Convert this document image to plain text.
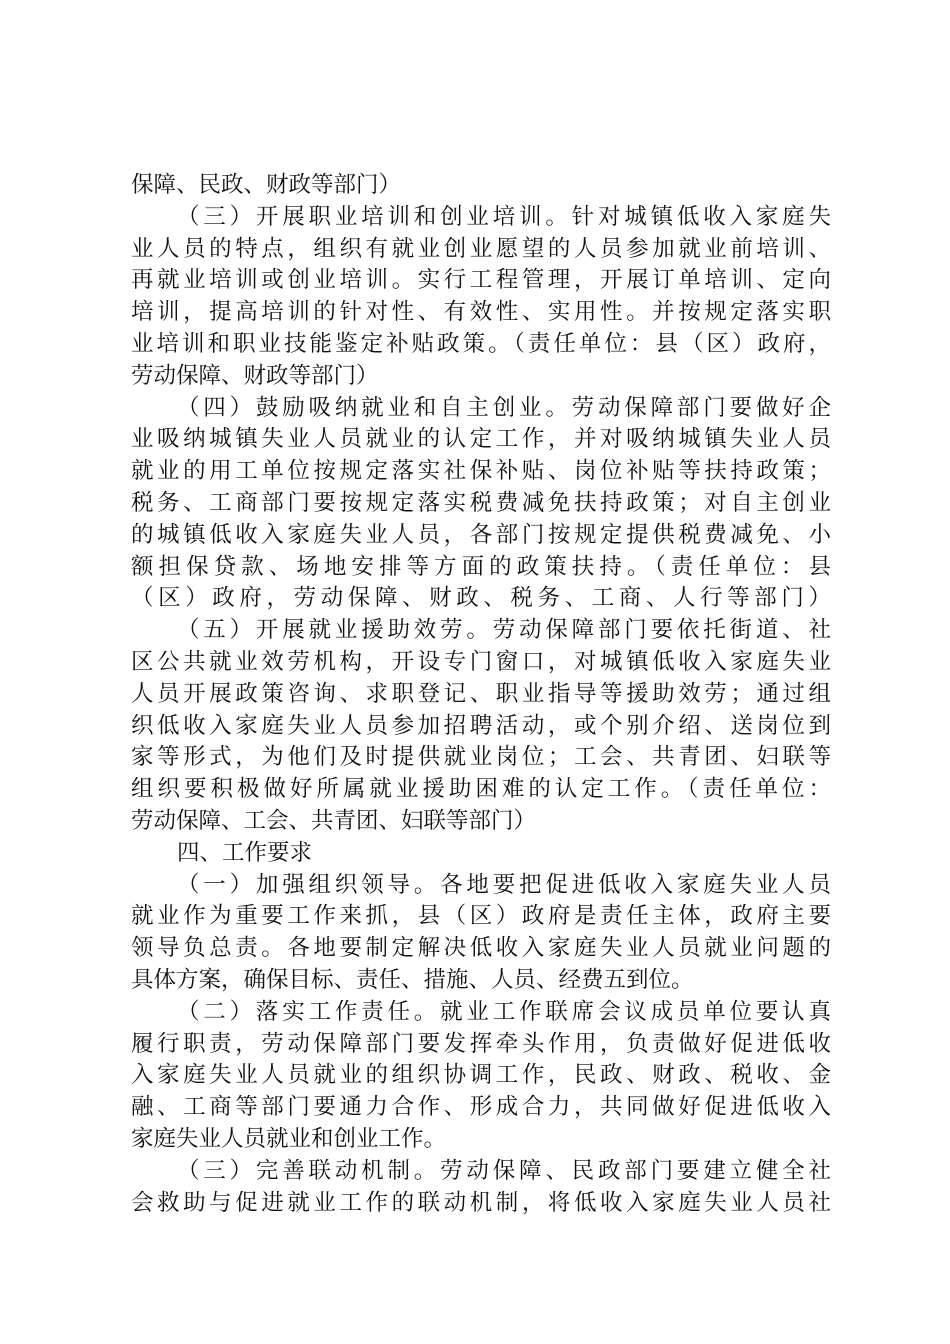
保障、民政、财政等部门）
（三）开展职业培训和创业培训。针对城镇低收入家庭失
业人员的特点，组织有就业创业愿望的人员参加就业前培训、
再就业培训或创业培训。实行工程管理，开展订单培训、定向
培训，提高培训的针对性、有效性、实用性。并按规定落实职
业培训和职业技能鉴定补贴政策。（责任单位：县（区）政府，
劳动保障、财政等部门）
（四）鼓励吸纳就业和自主创业。劳动保障部门要做好企
业吸纳城镇失业人员就业的认定工作，并对吸纳城镇失业人员
就业的用工单位按规定落实社保补贴、岗位补贴等扶持政策；
税务、工商部门要按规定落实税费减免扶持政策；对自主创业
的城镇低收入家庭失业人员，各部门按规定提供税费减免、小
额担保贷款、场地安排等方面的政策扶持。（责任单位：县
（区）政府，劳动保障、财政、税务、工商、人行等部门）
（五）开展就业援助效劳。劳动保障部门要依托街道、社
区公共就业效劳机构，开设专门窗口，对城镇低收入家庭失业
人员开展政策咨询、求职登记、职业指导等援助效劳；通过组
织低收入家庭失业人员参加招聘活动，或个别介绍、送岗位到
家等形式，为他们及时提供就业岗位；工会、共青团、妇联等
组织要积极做好所属就业援助困难的认定工作。（责任单位：
劳动保障、工会、共青团、妇联等部门）
四、工作要求
（一）加强组织领导。各地要把促进低收入家庭失业人员
就业作为重要工作来抓，县（区）政府是责任主体，政府主要
领导负总责。各地要制定解决低收入家庭失业人员就业问题的
具体方案，确保目标、责任、措施、人员、经费五到位。
（二）落实工作责任。就业工作联席会议成员单位要认真
履行职责，劳动保障部门要发挥牵头作用，负责做好促进低收
入家庭失业人员就业的组织协调工作，民政、财政、税收、金
融、工商等部门要通力合作、形成合力，共同做好促进低收入
家庭失业人员就业和创业工作。
（三）完善联动机制。劳动保障、民政部门要建立健全社
会救助与促进就业工作的联动机制，将低收入家庭失业人员社
